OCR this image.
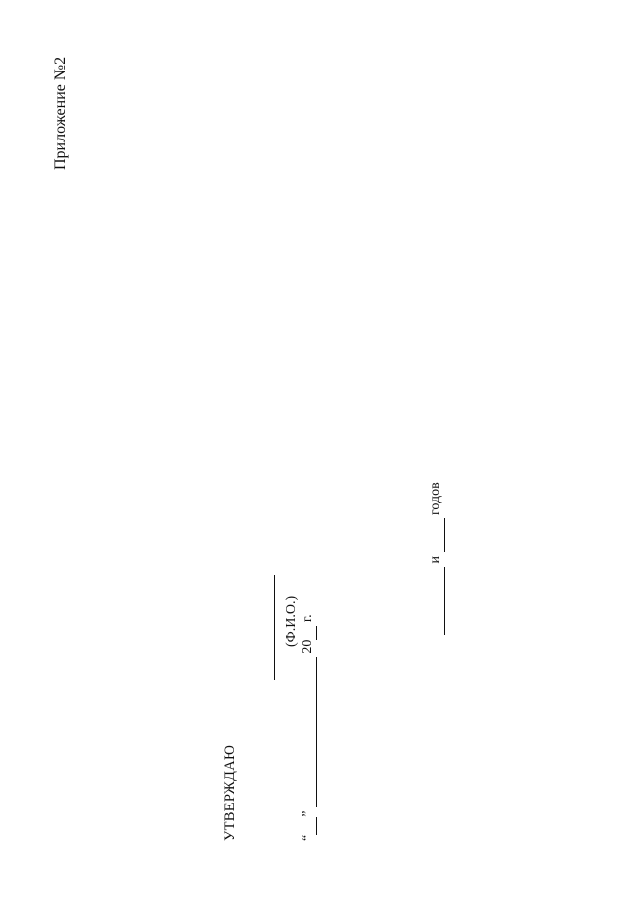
Приложение №2
УТВЕРЖДАЮ
(Ф.И.О.)
“ ”   20  г.
и   годов
